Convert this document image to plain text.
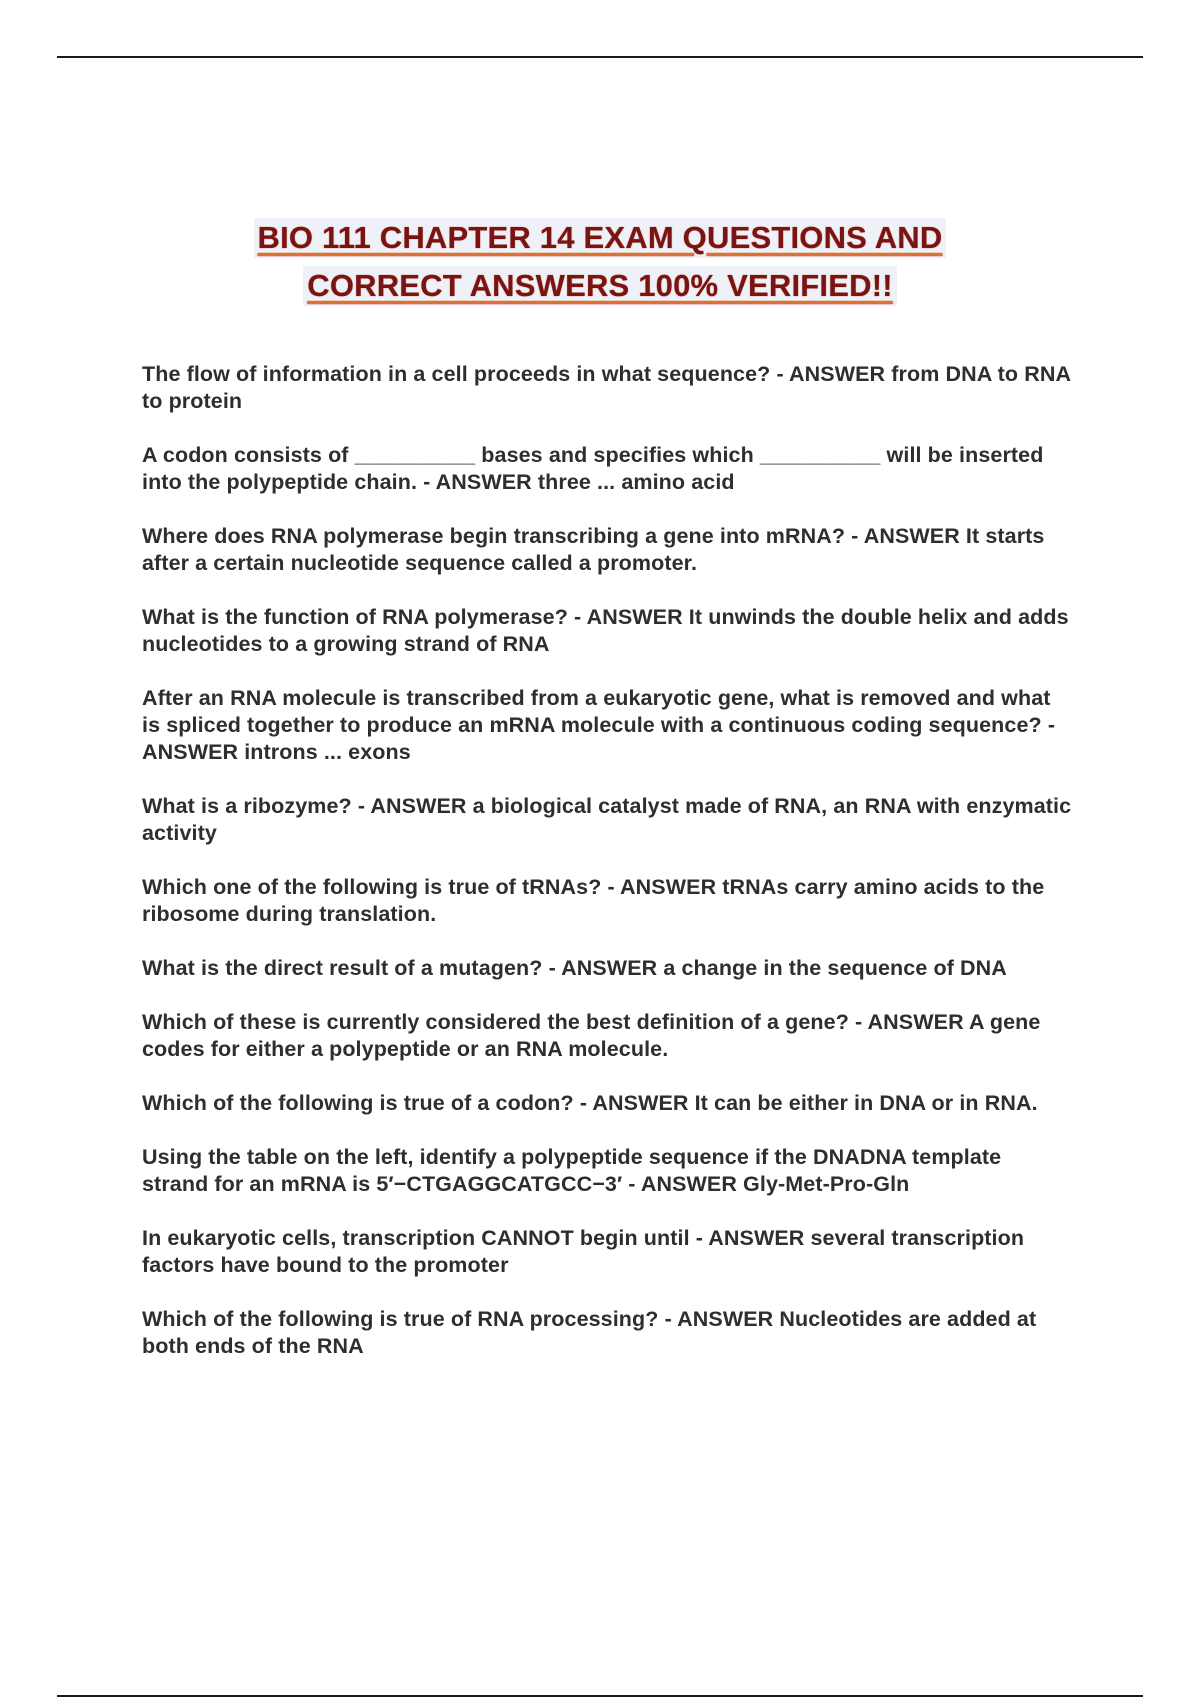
BIO 111 CHAPTER 14 EXAM QUESTIONS AND
CORRECT ANSWERS 100% VERIFIED!!

The flow of information in a cell proceeds in what sequence? - ANSWER from DNA to RNA to protein

A codon consists of __________ bases and specifies which __________ will be inserted into the polypeptide chain. - ANSWER three ... amino acid

Where does RNA polymerase begin transcribing a gene into mRNA? - ANSWER It starts after a certain nucleotide sequence called a promoter.

What is the function of RNA polymerase? - ANSWER It unwinds the double helix and adds nucleotides to a growing strand of RNA

After an RNA molecule is transcribed from a eukaryotic gene, what is removed and what is spliced together to produce an mRNA molecule with a continuous coding sequence? - ANSWER introns ... exons

What is a ribozyme? - ANSWER a biological catalyst made of RNA, an RNA with enzymatic activity

Which one of the following is true of tRNAs? - ANSWER tRNAs carry amino acids to the ribosome during translation.

What is the direct result of a mutagen? - ANSWER a change in the sequence of DNA

Which of these is currently considered the best definition of a gene? - ANSWER A gene codes for either a polypeptide or an RNA molecule.

Which of the following is true of a codon? - ANSWER It can be either in DNA or in RNA.

Using the table on the left, identify a polypeptide sequence if the DNADNA template strand for an mRNA is 5′−CTGAGGCATGCC−3′ - ANSWER Gly-Met-Pro-Gln

In eukaryotic cells, transcription CANNOT begin until - ANSWER several transcription factors have bound to the promoter

Which of the following is true of RNA processing? - ANSWER Nucleotides are added at both ends of the RNA
